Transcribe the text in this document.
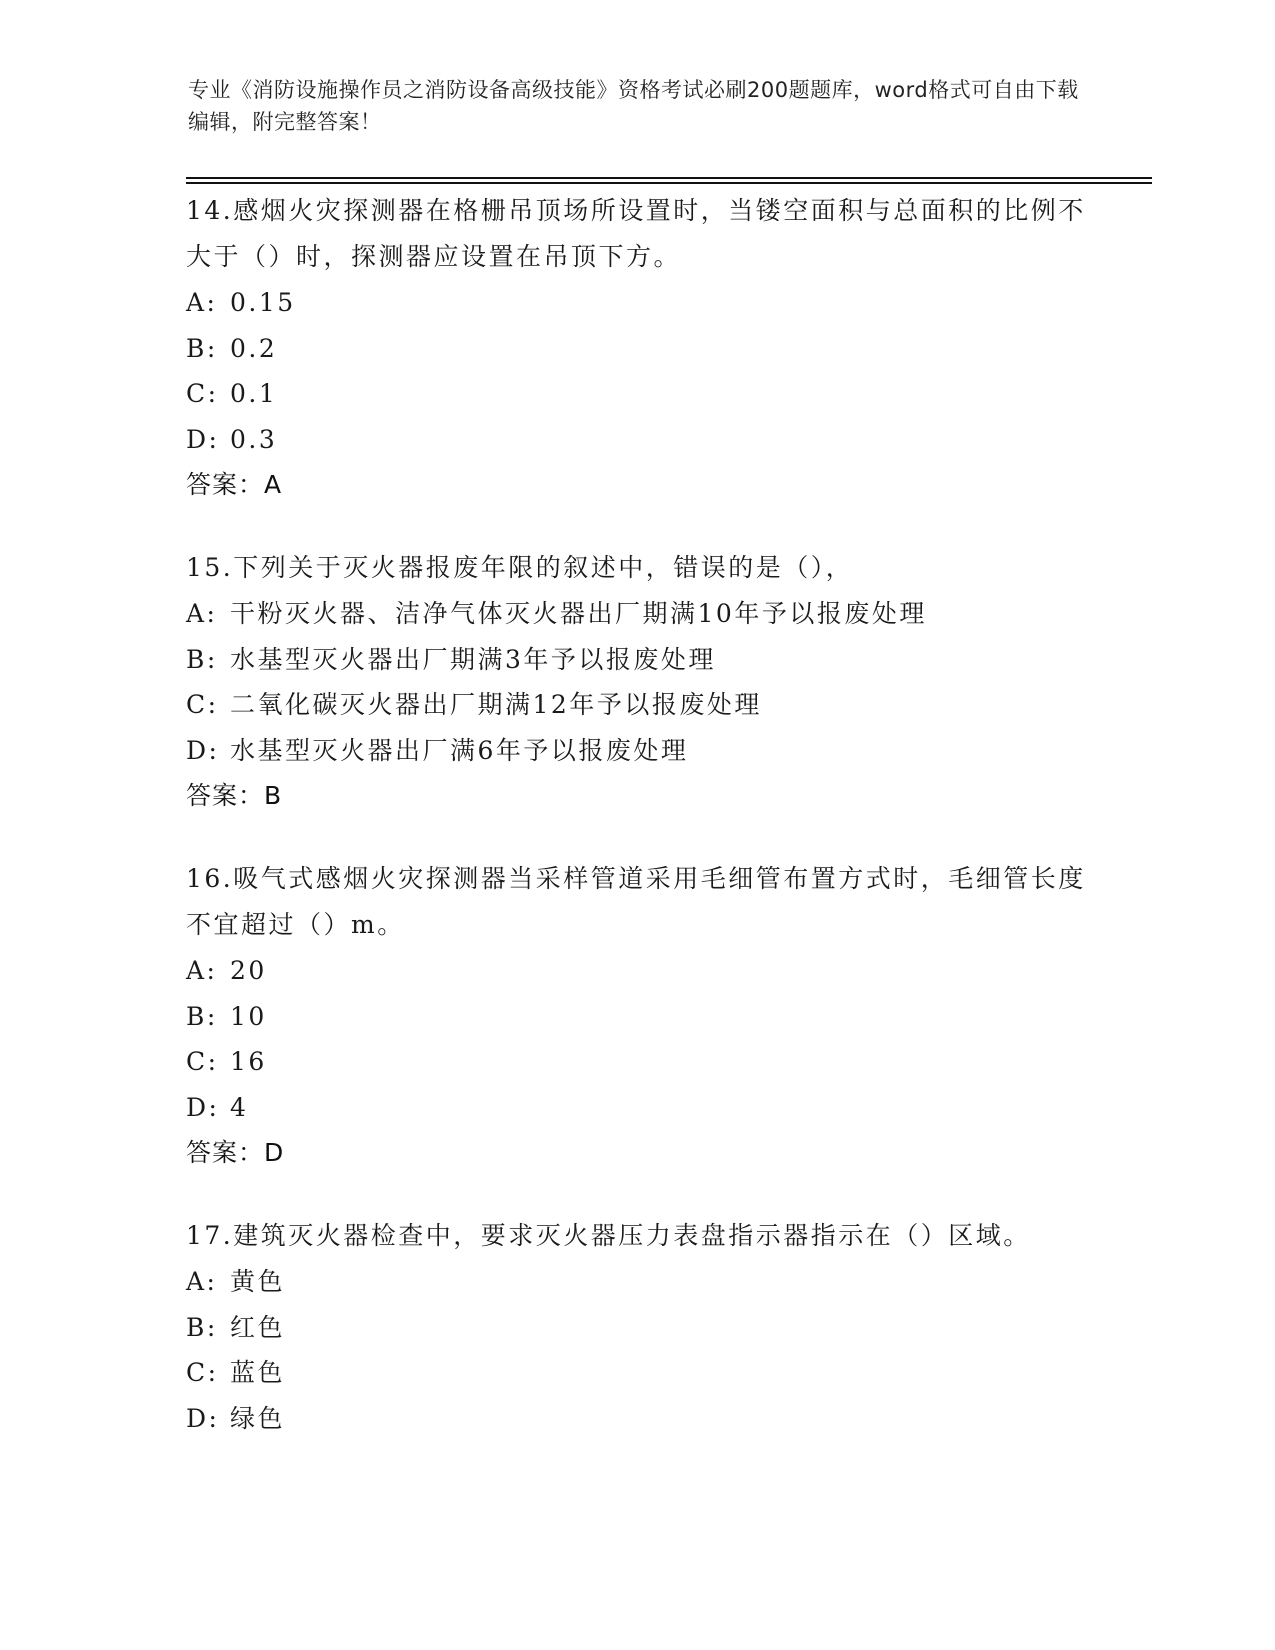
专业《消防设施操作员之消防设备高级技能》资格考试必刷200题题库，word格式可自由下载编辑，附完整答案！
14.感烟火灾探测器在格栅吊顶场所设置时，当镂空面积与总面积的比例不大于（）时，探测器应设置在吊顶下方。
A: 0.15
B: 0.2
C: 0.1
D: 0.3
答案：A
15.下列关于灭火器报废年限的叙述中，错误的是（），
A: 干粉灭火器、洁净气体灭火器出厂期满10年予以报废处理
B: 水基型灭火器出厂期满3年予以报废处理
C: 二氧化碳灭火器出厂期满12年予以报废处理
D: 水基型灭火器出厂满6年予以报废处理
答案：B
16.吸气式感烟火灾探测器当采样管道采用毛细管布置方式时，毛细管长度不宜超过（）m。
A: 20
B: 10
C: 16
D: 4
答案：D
17.建筑灭火器检查中，要求灭火器压力表盘指示器指示在（）区域。
A: 黄色
B: 红色
C: 蓝色
D: 绿色
